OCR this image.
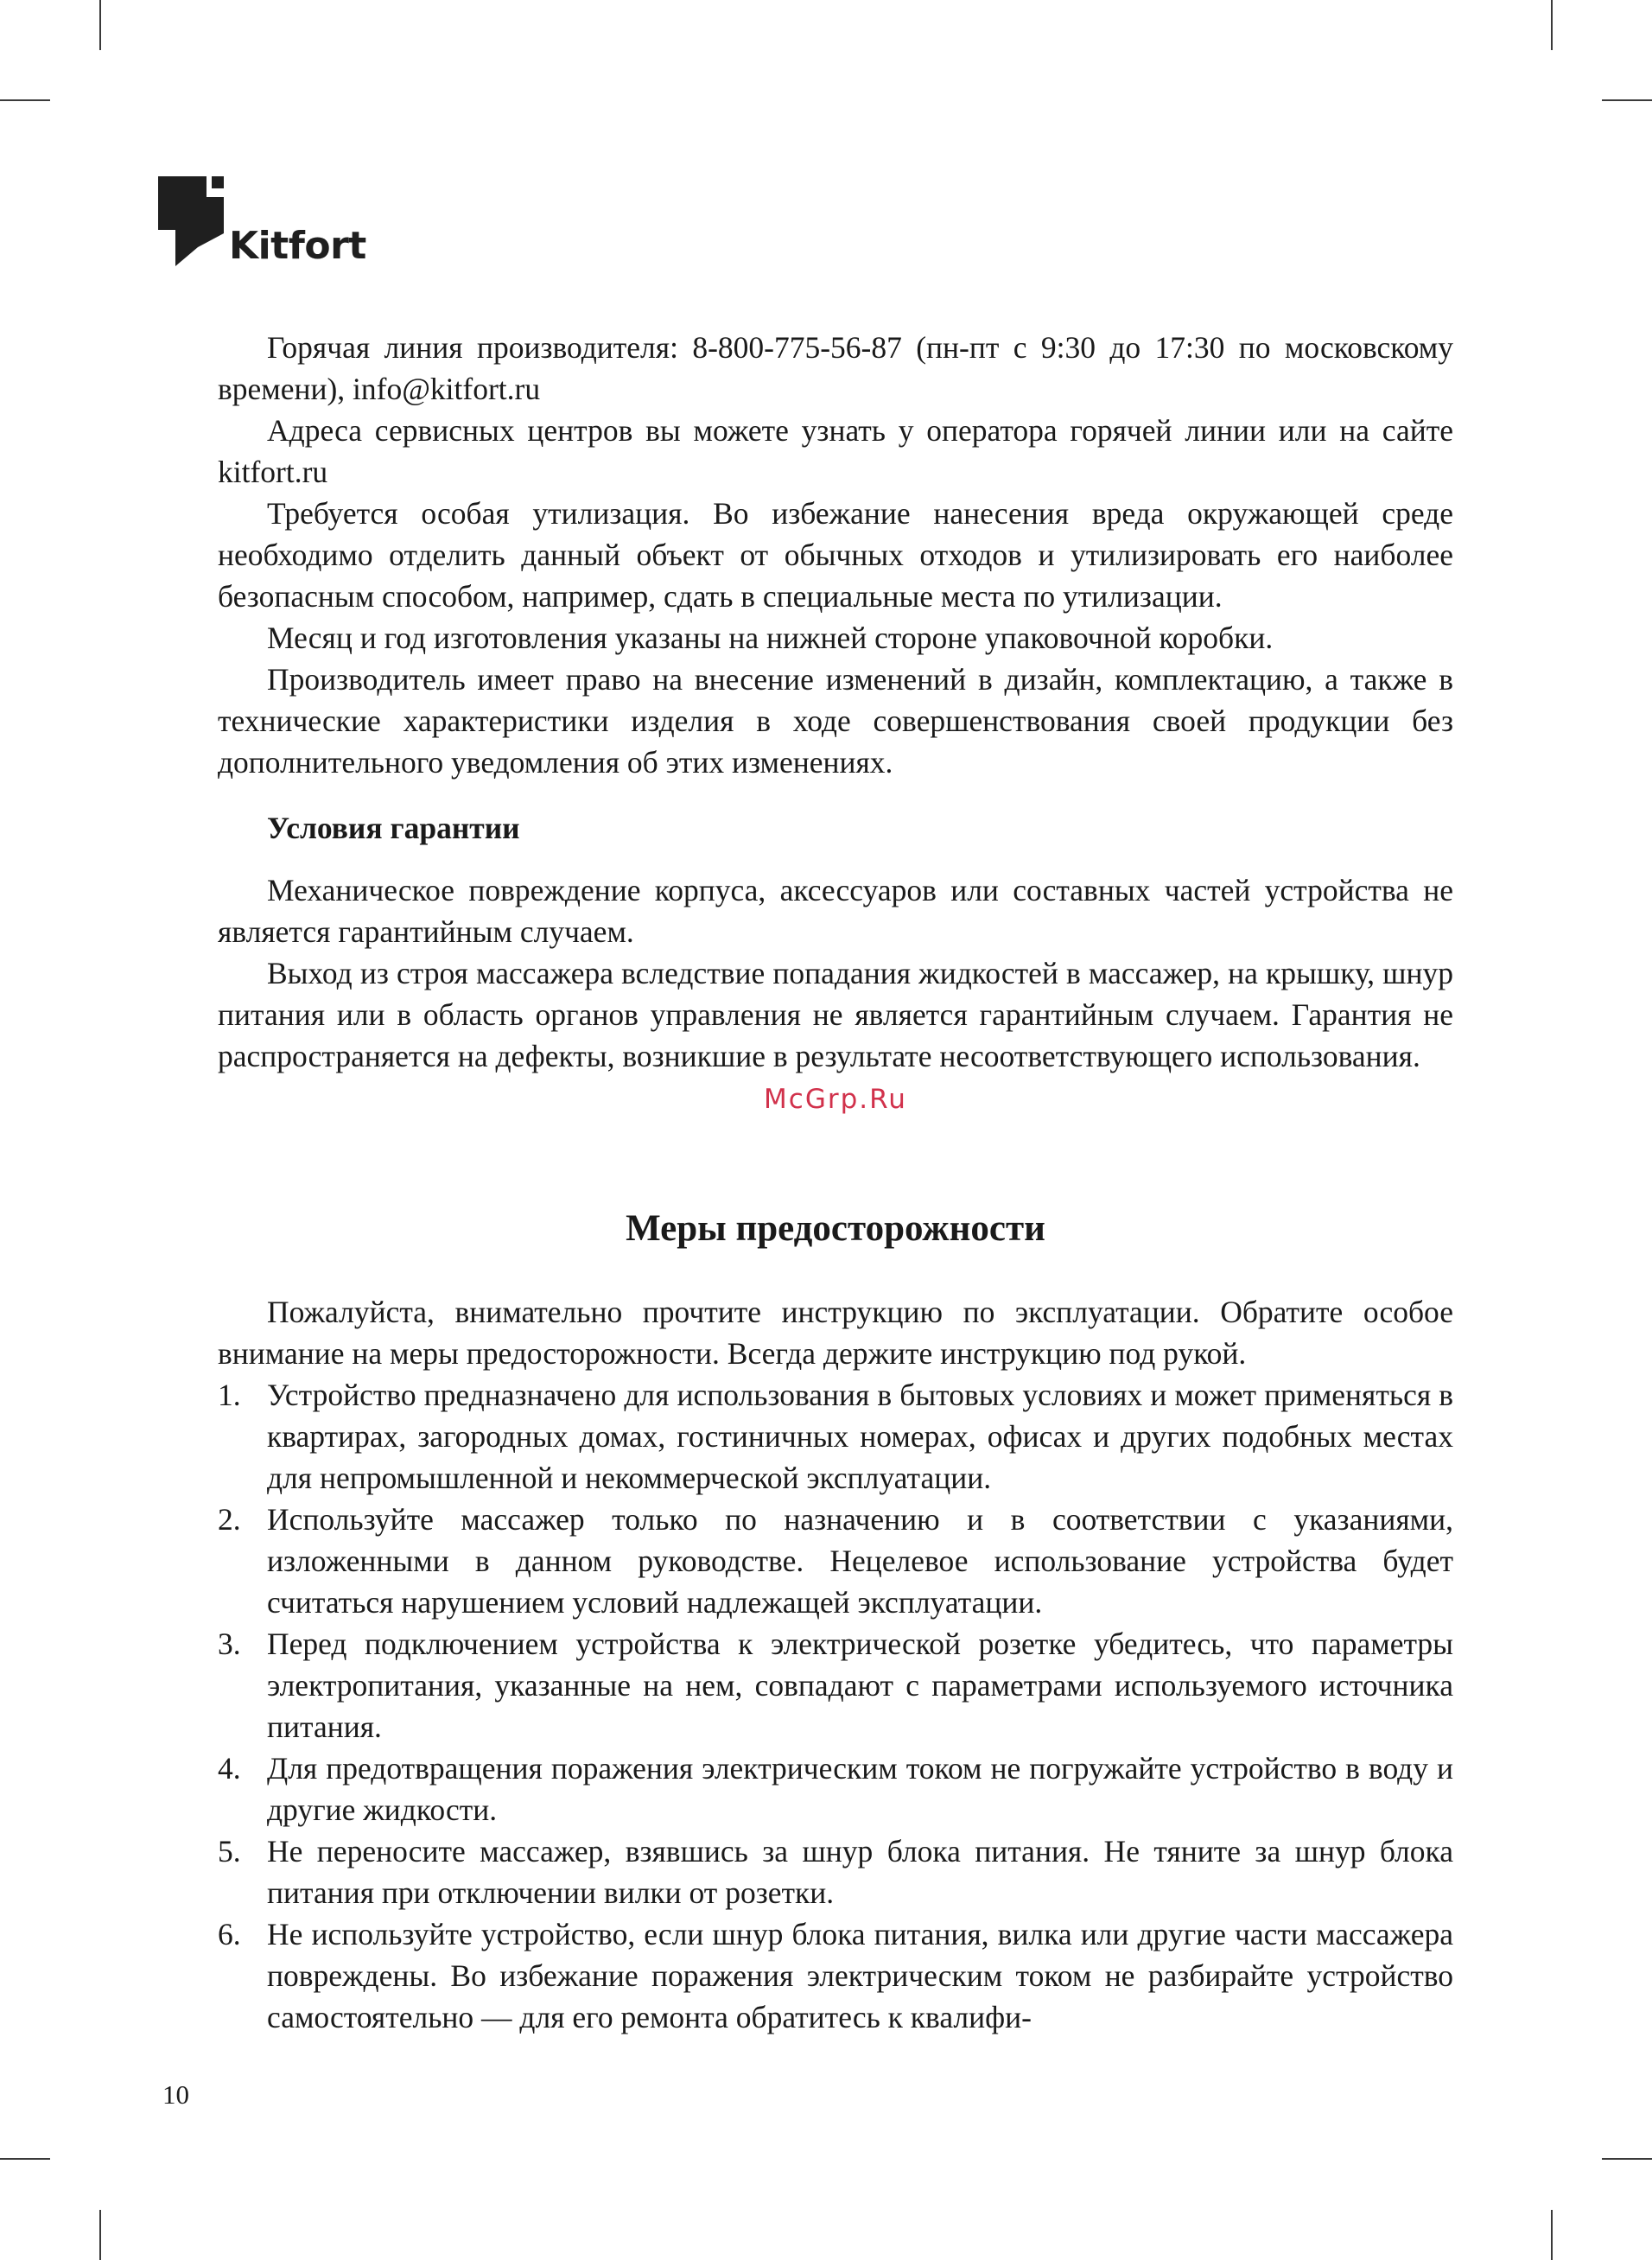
Kitfort

Горячая линия производителя: 8-800-775-56-87 (пн-пт с 9:30 до 17:30 по московскому времени), info@kitfort.ru

Адреса сервисных центров вы можете узнать у оператора горячей линии или на сайте kitfort.ru

Требуется особая утилизация. Во избежание нанесения вреда окружающей среде необходимо отделить данный объект от обычных отходов и утилизировать его наиболее безопасным способом, например, сдать в специальные места по утилизации.

Месяц и год изготовления указаны на нижней стороне упаковочной коробки.

Производитель имеет право на внесение изменений в дизайн, комплектацию, а также в технические характеристики изделия в ходе совершенствования своей продукции без дополнительного уведомления об этих изменениях.

Условия гарантии

Механическое повреждение корпуса, аксессуаров или составных частей устройства не является гарантийным случаем.

Выход из строя массажера вследствие попадания жидкостей в массажер, на крышку, шнур питания или в область органов управления не является гарантийным случаем. Гарантия не распространяется на дефекты, возникшие в результате несоответствующего использования.

McGrp.Ru
Меры предосторожности

Пожалуйста, внимательно прочтите инструкцию по эксплуатации. Обратите особое внимание на меры предосторожности. Всегда держите инструкцию под рукой.

1. Устройство предназначено для использования в бытовых условиях и может применяться в квартирах, загородных домах, гостиничных номерах, офисах и других подобных местах для непромышленной и некоммерческой эксплуатации.
2. Используйте массажер только по назначению и в соответствии с указаниями, изложенными в данном руководстве. Нецелевое использование устройства будет считаться нарушением условий надлежащей эксплуатации.
3. Перед подключением устройства к электрической розетке убедитесь, что параметры электропитания, указанные на нем, совпадают с параметрами используемого источника питания.
4. Для предотвращения поражения электрическим током не погружайте устройство в воду и другие жидкости.
5. Не переносите массажер, взявшись за шнур блока питания. Не тяните за шнур блока питания при отключении вилки от розетки.
6. Не используйте устройство, если шнур блока питания, вилка или другие части массажера повреждены. Во избежание поражения электрическим током не разбирайте устройство самостоятельно — для его ремонта обратитесь к квалифи-
10
